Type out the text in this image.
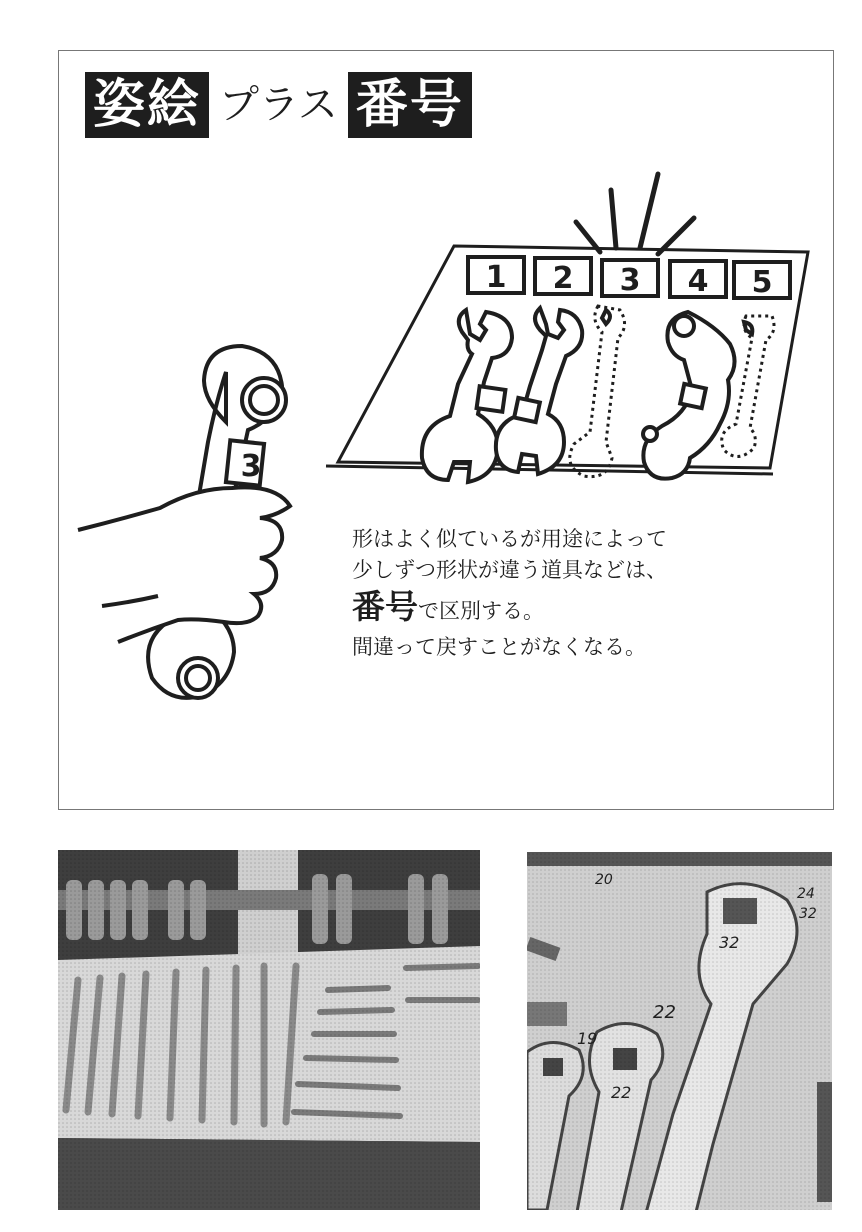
姿絵 プラス 番号
1 2 3 4 5
3
形はよく似ているが用途によって
少しずつ形状が違う道具などは、
番号で区別する。
間違って戻すことがなくなる。
